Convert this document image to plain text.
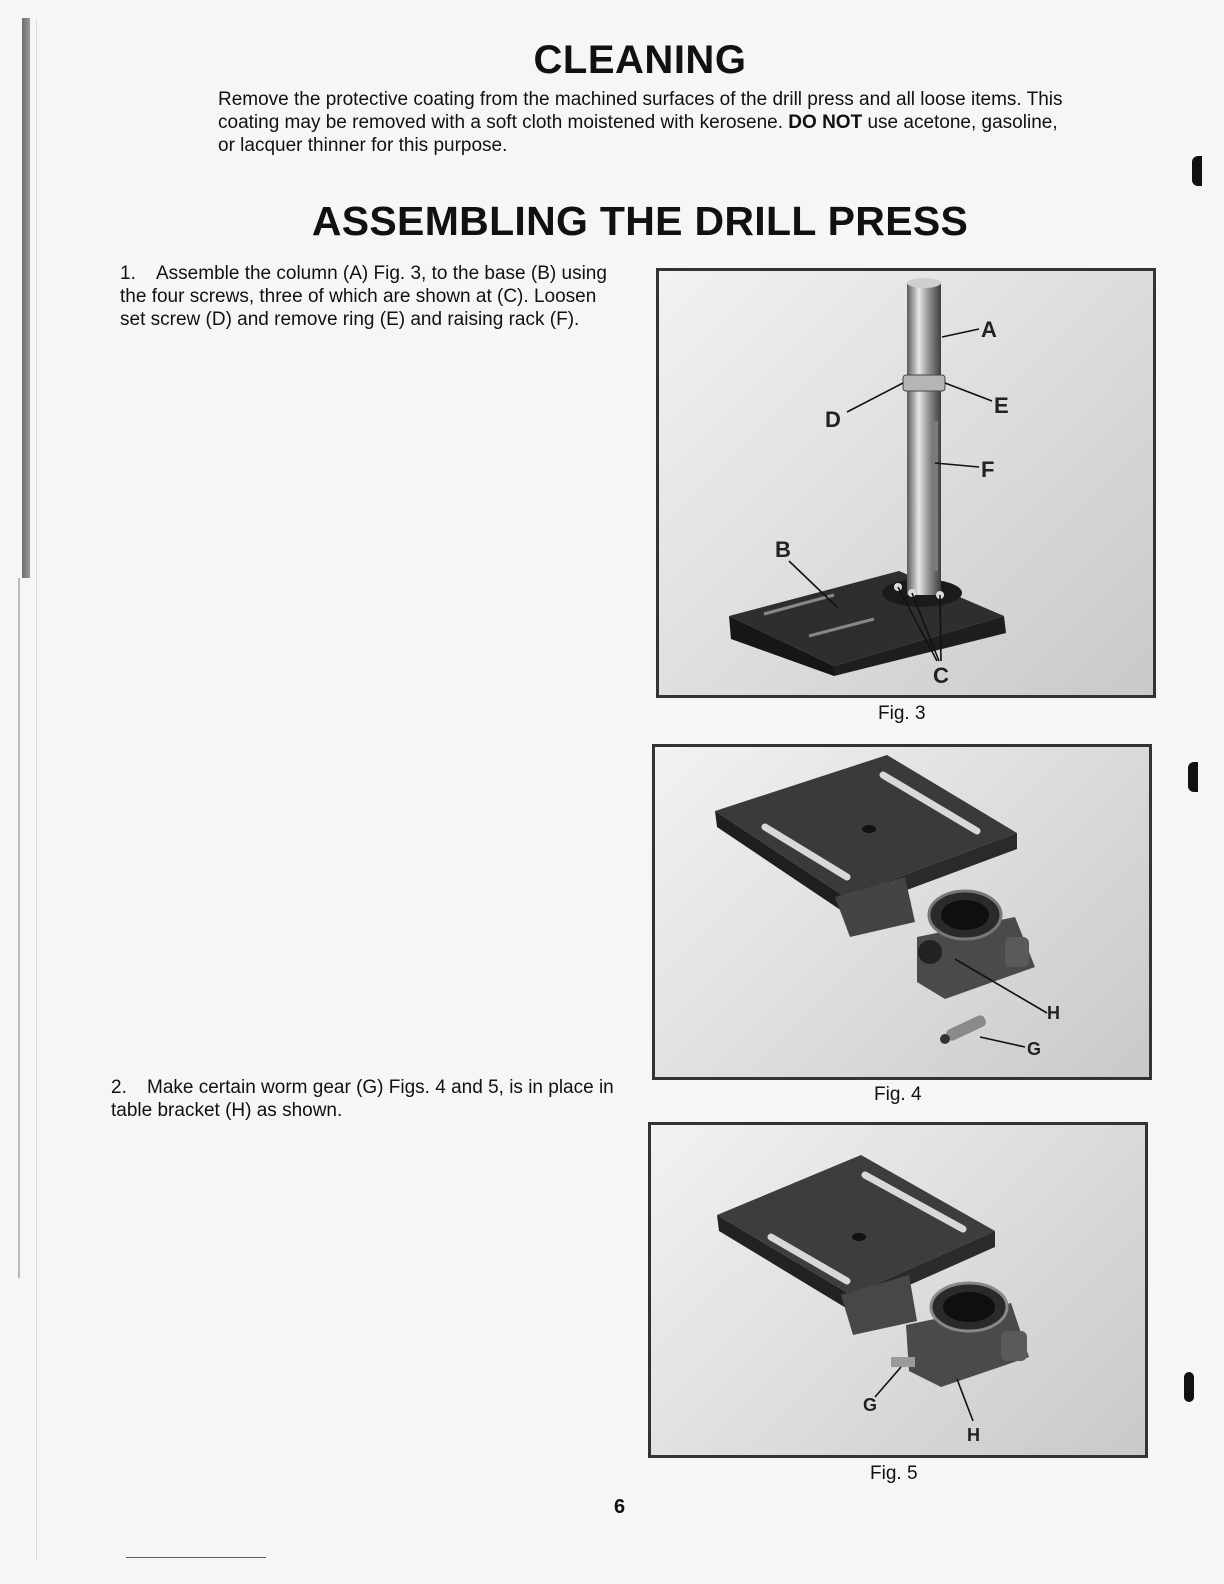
CLEANING

Remove the protective coating from the machined surfaces of the drill press and all loose items. This coating may be removed with a soft cloth moistened with kerosene. DO NOT use acetone, gasoline, or lacquer thinner for this purpose.

ASSEMBLING THE DRILL PRESS

1. Assemble the column (A) Fig. 3, to the base (B) using the four screws, three of which are shown at (C). Loosen set screw (D) and remove ring (E) and raising rack (F).

2. Make certain worm gear (G) Figs. 4 and 5, is in place in table bracket (H) as shown.

A
E
D
F
B
C
Fig. 3
H
G
Fig. 4
G
H
Fig. 5
6
